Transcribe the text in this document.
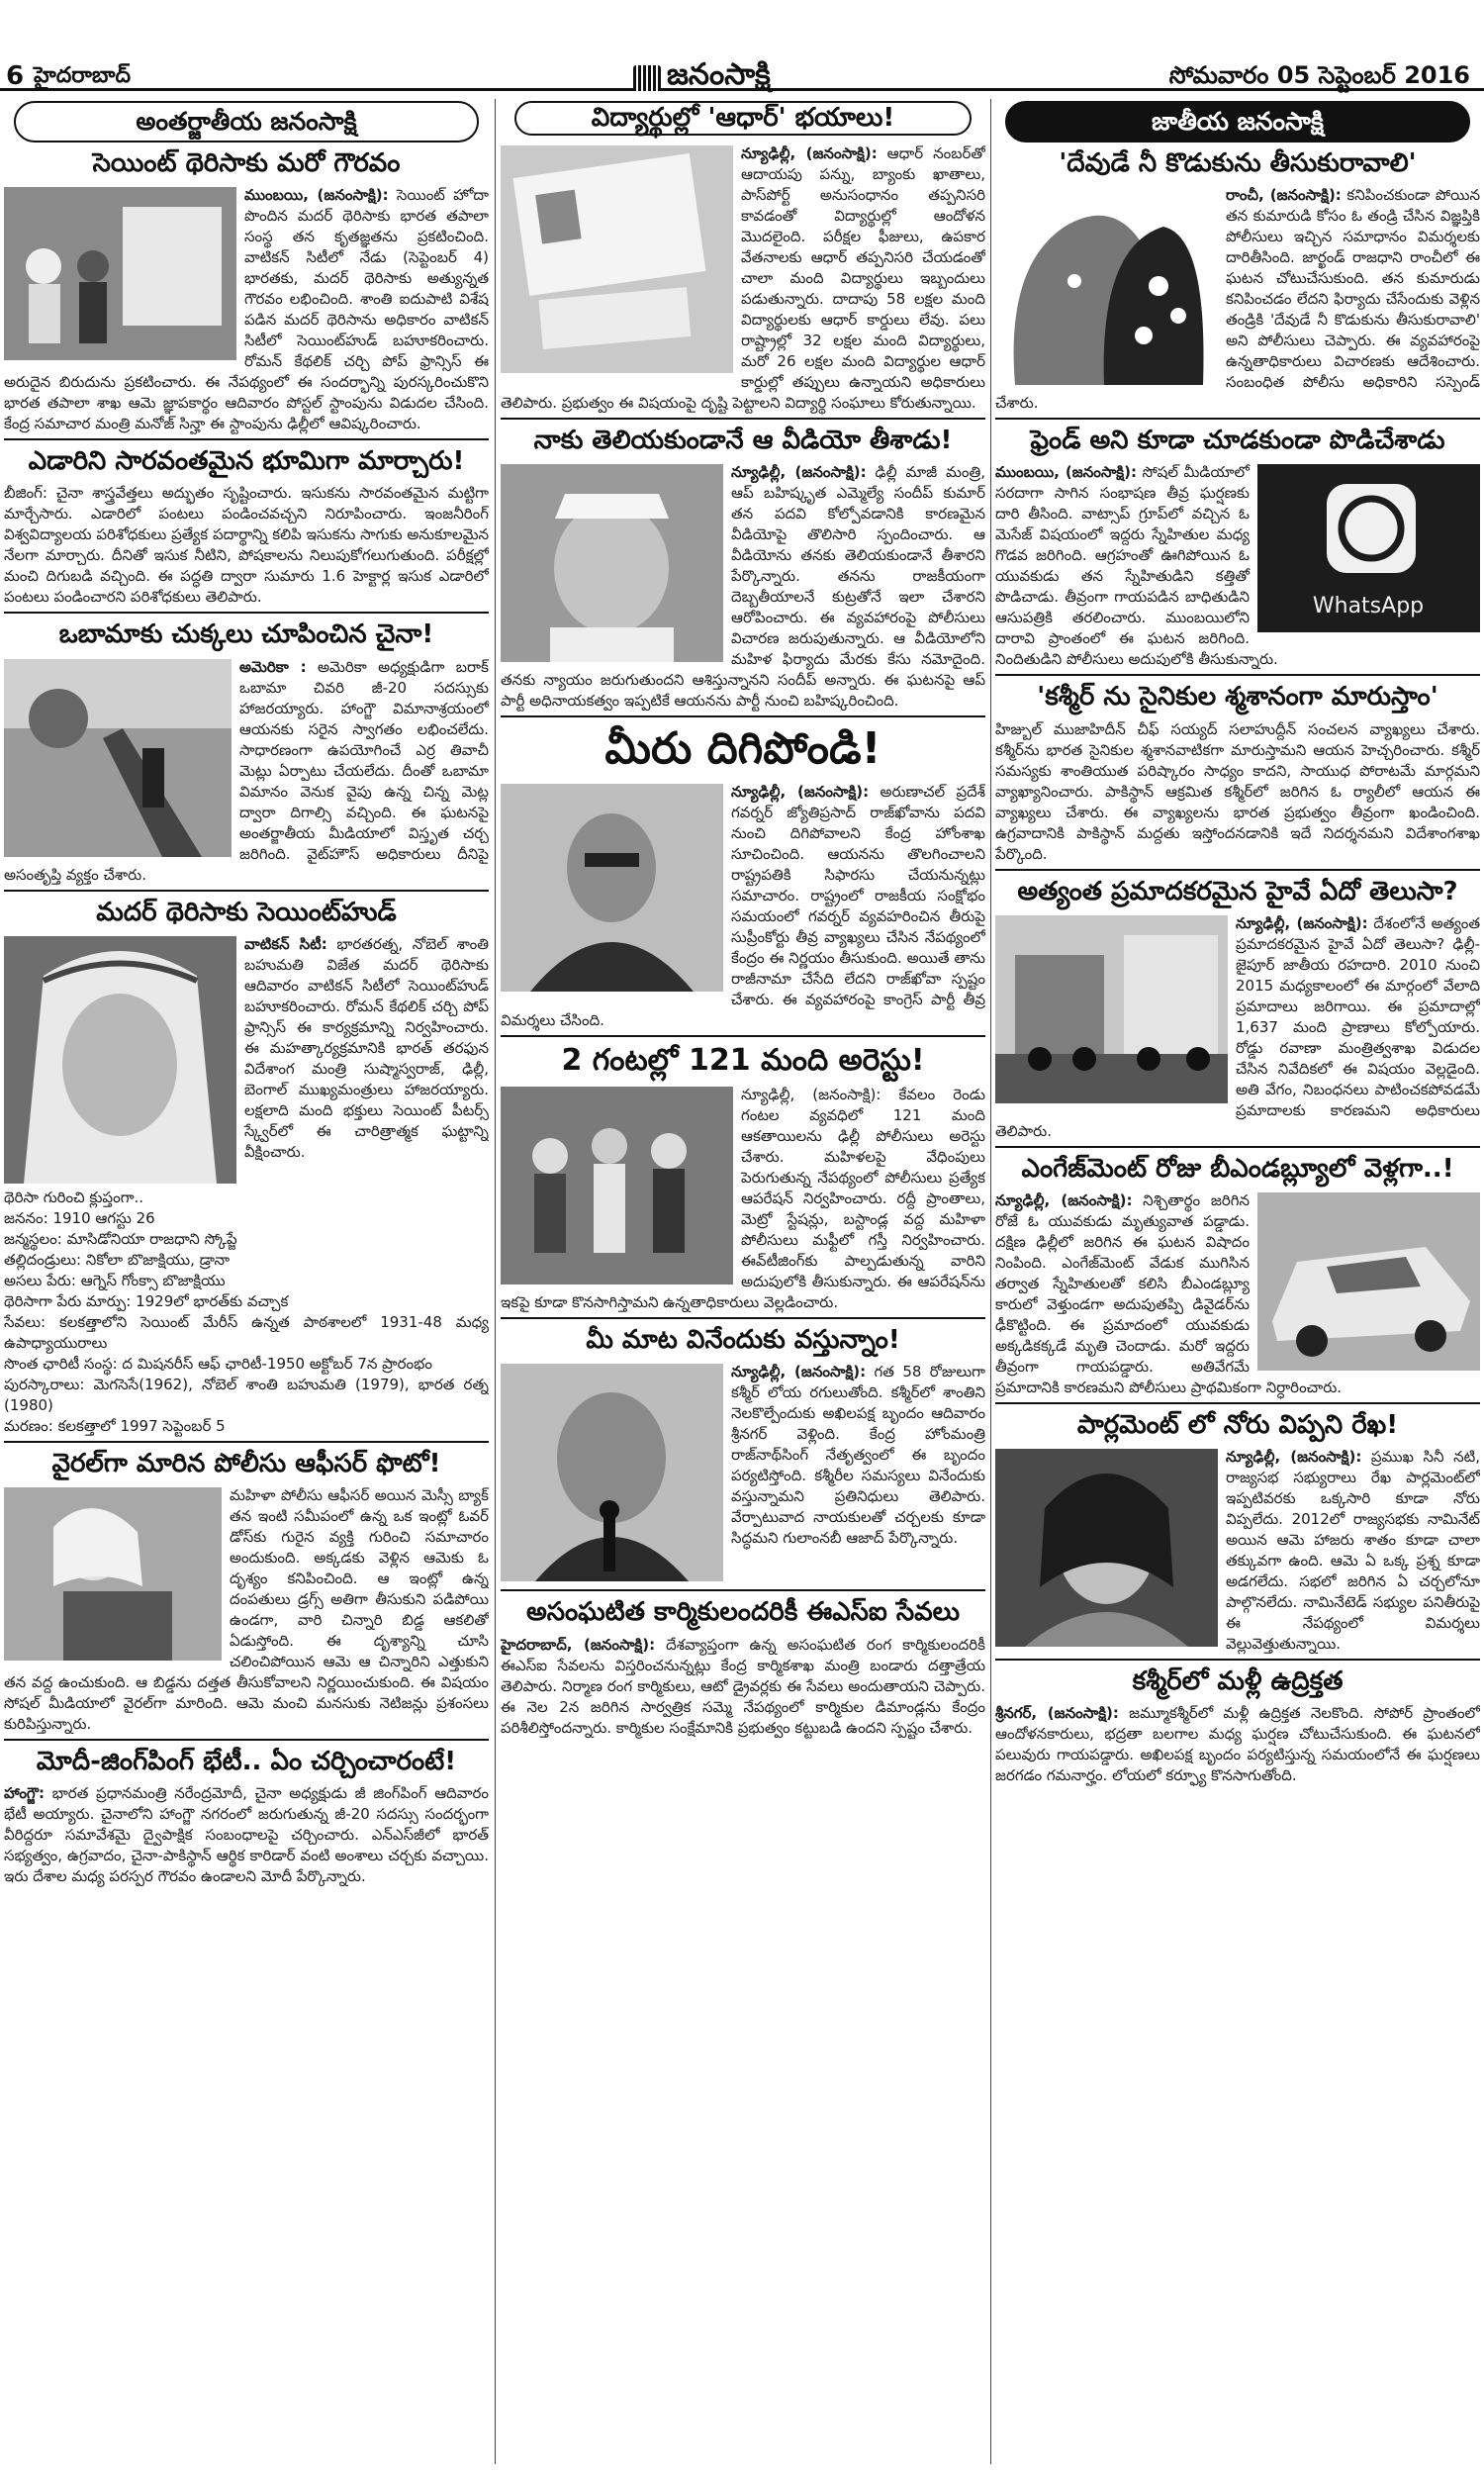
6 హైదరాబాద్	జనంసాక్షి	సోమవారం 05 సెప్టెంబర్ 2016
అంతర్జాతీయ జనంసాక్షి
సెయింట్ థెరిసాకు మరో గౌరవం
ముంబయి, (జనంసాక్షి): సెయింట్ హోదా పొందిన మదర్ థెరిసాకు భారత తపాలా సంస్థ తన కృతజ్ఞతను ప్రకటించింది. వాటికన్ సిటీలో నేడు (సెప్టెంబర్ 4) భారతకు, మదర్ థెరిసాకు అత్యున్నత గౌరవం లభించింది. శాంతి ఐదుపాటి విశేష పడిన మదర్ థెరిసాను అధికారం వాటికన్ సిటీలో సెయింట్‌హుడ్ బహూకరించారు. రోమన్ కేథలిక్ చర్చి పోప్ ఫ్రాన్సిస్ ఈ అరుదైన బిరుదును ప్రకటించారు. ఈ నేపథ్యంలో ఈ సందర్భాన్ని పురస్కరించుకొని భారత తపాలా శాఖ ఆమె జ్ఞాపకార్థం ఆదివారం పోస్టల్ స్టాంపును విడుదల చేసింది. కేంద్ర సమాచార మంత్రి మనోజ్ సిన్హా ఈ స్టాంపును ఢిల్లీలో ఆవిష్కరించారు.
ఎడారిని సారవంతమైన భూమిగా మార్చారు!
బీజింగ్: చైనా శాస్త్రవేత్తలు అద్భుతం సృష్టించారు. ఇసుకను సారవంతమైన మట్టిగా మార్చేసారు. ఎడారిలో పంటలు పండించవచ్చని నిరూపించారు. ఇంజనీరింగ్ విశ్వవిద్యాలయ పరిశోధకులు ప్రత్యేక పదార్థాన్ని కలిపి ఇసుకను సాగుకు అనుకూలమైన నేలగా మార్చారు. దీనితో ఇసుక నీటిని, పోషకాలను నిలుపుకోగలుగుతుంది. పరీక్షల్లో మంచి దిగుబడి వచ్చింది. ఈ పద్ధతి ద్వారా సుమారు 1.6 హెక్టార్ల ఇసుక ఎడారిలో పంటలు పండించారని పరిశోధకులు తెలిపారు.
ఒబామాకు చుక్కలు చూపించిన చైనా!
అమెరికా : అమెరికా అధ్యక్షుడిగా బరాక్ ఒబామా చివరి జీ-20 సదస్సుకు హాజరయ్యారు. హాంగ్జౌ విమానాశ్రయంలో ఆయనకు సరైన స్వాగతం లభించలేదు. సాధారణంగా ఉపయోగించే ఎర్ర తివాచీ మెట్లు ఏర్పాటు చేయలేదు. దీంతో ఒబామా విమానం వెనుక వైపు ఉన్న చిన్న మెట్ల ద్వారా దిగాల్సి వచ్చింది. ఈ ఘటనపై అంతర్జాతీయ మీడియాలో విస్తృత చర్చ జరిగింది. వైట్‌హౌస్ అధికారులు దీనిపై అసంతృప్తి వ్యక్తం చేశారు.
మదర్ థెరిసాకు సెయింట్‌హుడ్
వాటికన్ సిటీ: భారతరత్న, నోబెల్ శాంతి బహుమతి విజేత మదర్ థెరిసాకు ఆదివారం వాటికన్ సిటీలో సెయింట్‌హుడ్ బహూకరించారు. రోమన్ కేథలిక్ చర్చి పోప్ ఫ్రాన్సిస్ ఈ కార్యక్రమాన్ని నిర్వహించారు. ఈ మహత్కార్యక్రమానికి భారత్ తరఫున విదేశాంగ మంత్రి సుష్మాస్వరాజ్, ఢిల్లీ, బెంగాల్ ముఖ్యమంత్రులు హాజరయ్యారు. లక్షలాది మంది భక్తులు సెయింట్ పీటర్స్ స్క్వేర్‌లో ఈ చారిత్రాత్మక ఘట్టాన్ని వీక్షించారు.
థెరిసా గురించి క్లుప్తంగా..
జననం: 1910 ఆగస్టు 26
జన్మస్థలం: మాసిడోనియా రాజధాని స్కోప్జే
తల్లిదండ్రులు: నికోలా బొజాక్షియు, డ్రానా
అసలు పేరు: ఆగ్నెస్ గోంక్సా బొజాక్షియు
థెరిసాగా పేరు మార్పు: 1929లో భారత్‌కు వచ్చాక
సేవలు: కలకత్తాలోని సెయింట్ మేరీస్ ఉన్నత పాఠశాలలో 1931-48 మధ్య ఉపాధ్యాయురాలు
సొంత ఛారిటీ సంస్థ: ద మిషనరీస్ ఆఫ్ ఛారిటీ-1950 అక్టోబర్ 7న ప్రారంభం
పురస్కారాలు: మెగసెసే(1962), నోబెల్ శాంతి బహుమతి (1979), భారత రత్న (1980)
మరణం: కలకత్తాలో 1997 సెప్టెంబర్ 5
వైరల్‌గా మారిన పోలీసు ఆఫీసర్ ఫొటో!
మహిళా పోలీసు ఆఫీసర్ అయిన మెస్సీ బ్యాక్ తన ఇంటి సమీపంలో ఉన్న ఒక ఇంట్లో ఓవర్ డోస్‌కు గురైన వ్యక్తి గురించి సమాచారం అందుకుంది. అక్కడకు వెళ్లిన ఆమెకు ఓ దృశ్యం కనిపించింది. ఆ ఇంట్లో ఉన్న దంపతులు డ్రగ్స్ అతిగా తీసుకుని పడిపోయి ఉండగా, వారి చిన్నారి బిడ్డ ఆకలితో ఏడుస్తోంది. ఈ దృశ్యాన్ని చూసి చలించిపోయిన ఆమె ఆ చిన్నారిని ఎత్తుకుని తన వద్ద ఉంచుకుంది. ఆ బిడ్డను దత్తత తీసుకోవాలని నిర్ణయించుకుంది. ఈ విషయం సోషల్ మీడియాలో వైరల్‌గా మారింది. ఆమె మంచి మనసుకు నెటిజన్లు ప్రశంసలు కురిపిస్తున్నారు.
మోదీ-జింగ్‌పింగ్ భేటీ.. ఏం చర్చించారంటే!
హాంగ్జౌ: భారత ప్రధానమంత్రి నరేంద్రమోదీ, చైనా అధ్యక్షుడు జీ జింగ్‌పింగ్ ఆదివారం భేటీ అయ్యారు. చైనాలోని హాంగ్జౌ నగరంలో జరుగుతున్న జీ-20 సదస్సు సందర్భంగా వీరిద్దరూ సమావేశమై ద్వైపాక్షిక సంబంధాలపై చర్చించారు. ఎన్‌ఎస్‌జీలో భారత్ సభ్యత్వం, ఉగ్రవాదం, చైనా-పాకిస్థాన్ ఆర్థిక కారిడార్ వంటి అంశాలు చర్చకు వచ్చాయి. ఇరు దేశాల మధ్య పరస్పర గౌరవం ఉండాలని మోదీ పేర్కొన్నారు.
విద్యార్థుల్లో 'ఆధార్' భయాలు!
న్యూఢిల్లీ, (జనంసాక్షి): ఆధార్ నంబర్‌తో ఆదాయపు పన్ను, బ్యాంకు ఖాతాలు, పాస్‌పోర్ట్ అనుసంధానం తప్పనిసరి కావడంతో విద్యార్థుల్లో ఆందోళన మొదలైంది. పరీక్షల ఫీజులు, ఉపకార వేతనాలకు ఆధార్ తప్పనిసరి చేయడంతో చాలా మంది విద్యార్థులు ఇబ్బందులు పడుతున్నారు. దాదాపు 58 లక్షల మంది విద్యార్థులకు ఆధార్ కార్డులు లేవు. పలు రాష్ట్రాల్లో 32 లక్షల మంది విద్యార్థులు, మరో 26 లక్షల మంది విద్యార్థుల ఆధార్ కార్డుల్లో తప్పులు ఉన్నాయని అధికారులు తెలిపారు. ప్రభుత్వం ఈ విషయంపై దృష్టి పెట్టాలని విద్యార్థి సంఘాలు కోరుతున్నాయి.
నాకు తెలియకుండానే ఆ వీడియో తీశాడు!
న్యూఢిల్లీ, (జనంసాక్షి): ఢిల్లీ మాజీ మంత్రి, ఆప్ బహిష్కృత ఎమ్మెల్యే సందీప్ కుమార్ తన పదవి కోల్పోవడానికి కారణమైన వీడియోపై తొలిసారి స్పందించారు. ఆ వీడియోను తనకు తెలియకుండానే తీశారని పేర్కొన్నారు. తనను రాజకీయంగా దెబ్బతీయాలనే కుట్రతోనే ఇలా చేశారని ఆరోపించారు. ఈ వ్యవహారంపై పోలీసులు విచారణ జరుపుతున్నారు. ఆ వీడియోలోని మహిళ ఫిర్యాదు మేరకు కేసు నమోదైంది. తనకు న్యాయం జరుగుతుందని ఆశిస్తున్నానని సందీప్ అన్నారు. ఈ ఘటనపై ఆప్ పార్టీ అధినాయకత్వం ఇప్పటికే ఆయనను పార్టీ నుంచి బహిష్కరించింది.
మీరు దిగిపోండి!
న్యూఢిల్లీ, (జనంసాక్షి): అరుణాచల్ ప్రదేశ్ గవర్నర్ జ్యోతిప్రసాద్ రాజ్‌ఖోవాను పదవి నుంచి దిగిపోవాలని కేంద్ర హోంశాఖ సూచించింది. ఆయనను తొలగించాలని రాష్ట్రపతికి సిఫారసు చేయనున్నట్లు సమాచారం. రాష్ట్రంలో రాజకీయ సంక్షోభం సమయంలో గవర్నర్ వ్యవహరించిన తీరుపై సుప్రీంకోర్టు తీవ్ర వ్యాఖ్యలు చేసిన నేపథ్యంలో కేంద్రం ఈ నిర్ణయం తీసుకుంది. అయితే తాను రాజీనామా చేసేది లేదని రాజ్‌ఖోవా స్పష్టం చేశారు. ఈ వ్యవహారంపై కాంగ్రెస్ పార్టీ తీవ్ర విమర్శలు చేసింది.
2 గంటల్లో 121 మంది అరెస్టు!
న్యూఢిల్లీ, (జనంసాక్షి): కేవలం రెండు గంటల వ్యవధిలో 121 మంది ఆకతాయిలను ఢిల్లీ పోలీసులు అరెస్టు చేశారు. మహిళలపై వేధింపులు పెరుగుతున్న నేపథ్యంలో పోలీసులు ప్రత్యేక ఆపరేషన్ నిర్వహించారు. రద్దీ ప్రాంతాలు, మెట్రో స్టేషన్లు, బస్టాండ్ల వద్ద మహిళా పోలీసులు మఫ్టీలో గస్తీ నిర్వహించారు. ఈవ్‌టీజింగ్‌కు పాల్పడుతున్న వారిని అదుపులోకి తీసుకున్నారు. ఈ ఆపరేషన్‌ను ఇకపై కూడా కొనసాగిస్తామని ఉన్నతాధికారులు వెల్లడించారు.
మీ మాట వినేందుకు వస్తున్నాం!
న్యూఢిల్లీ, (జనంసాక్షి): గత 58 రోజులుగా కశ్మీర్ లోయ రగులుతోంది. కశ్మీర్‌లో శాంతిని నెలకొల్పేందుకు అఖిలపక్ష బృందం ఆదివారం శ్రీనగర్ వెళ్లింది. కేంద్ర హోంమంత్రి రాజ్‌నాథ్‌సింగ్ నేతృత్వంలో ఈ బృందం పర్యటిస్తోంది. కశ్మీరీల సమస్యలు వినేందుకు వస్తున్నామని ప్రతినిధులు తెలిపారు. వేర్పాటువాద నాయకులతో చర్చలకు కూడా సిద్ధమని గులాంనబీ ఆజాద్ పేర్కొన్నారు.
అసంఘటిత కార్మికులందరికీ ఈఎస్‌ఐ సేవలు
హైదరాబాద్, (జనంసాక్షి): దేశవ్యాప్తంగా ఉన్న అసంఘటిత రంగ కార్మికులందరికీ ఈఎస్‌ఐ సేవలను విస్తరించనున్నట్లు కేంద్ర కార్మికశాఖ మంత్రి బండారు దత్తాత్రేయ తెలిపారు. నిర్మాణ రంగ కార్మికులు, ఆటో డ్రైవర్లకు ఈ సేవలు అందుతాయని చెప్పారు. ఈ నెల 2న జరిగిన సార్వత్రిక సమ్మె నేపథ్యంలో కార్మికుల డిమాండ్లను కేంద్రం పరిశీలిస్తోందన్నారు. కార్మికుల సంక్షేమానికి ప్రభుత్వం కట్టుబడి ఉందని స్పష్టం చేశారు.
జాతీయ జనంసాక్షి
'దేవుడే నీ కొడుకును తీసుకురావాలి'
రాంచీ, (జనంసాక్షి): కనిపించకుండా పోయిన తన కుమారుడి కోసం ఓ తండ్రి చేసిన విజ్ఞప్తికి పోలీసులు ఇచ్చిన సమాధానం విమర్శలకు దారితీసింది. జార్ఖండ్ రాజధాని రాంచీలో ఈ ఘటన చోటుచేసుకుంది. తన కుమారుడు కనిపించడం లేదని ఫిర్యాదు చేసేందుకు వెళ్లిన తండ్రికి 'దేవుడే నీ కొడుకును తీసుకురావాలి' అని పోలీసులు చెప్పారు. ఈ వ్యవహారంపై ఉన్నతాధికారులు విచారణకు ఆదేశించారు. సంబంధిత పోలీసు అధికారిని సస్పెండ్ చేశారు.
ఫ్రెండ్ అని కూడా చూడకుండా పొడిచేశాడు
WhatsApp
ముంబయి, (జనంసాక్షి): సోషల్ మీడియాలో సరదాగా సాగిన సంభాషణ తీవ్ర ఘర్షణకు దారి తీసింది. వాట్సాప్ గ్రూప్‌లో వచ్చిన ఓ మెసేజ్ విషయంలో ఇద్దరు స్నేహితుల మధ్య గొడవ జరిగింది. ఆగ్రహంతో ఊగిపోయిన ఓ యువకుడు తన స్నేహితుడిని కత్తితో పొడిచాడు. తీవ్రంగా గాయపడిన బాధితుడిని ఆసుపత్రికి తరలించారు. ముంబయిలోని దారావి ప్రాంతంలో ఈ ఘటన జరిగింది. నిందితుడిని పోలీసులు అదుపులోకి తీసుకున్నారు.
'కశ్మీర్ ను సైనికుల శ్మశానంగా మారుస్తాం'
హిజ్బుల్ ముజాహిదీన్ చీఫ్ సయ్యద్ సలాహుద్దీన్ సంచలన వ్యాఖ్యలు చేశారు. కశ్మీర్‌ను భారత సైనికుల శ్మశానవాటికగా మారుస్తామని ఆయన హెచ్చరించారు. కశ్మీర్ సమస్యకు శాంతియుత పరిష్కారం సాధ్యం కాదని, సాయుధ పోరాటమే మార్గమని వ్యాఖ్యానించారు. పాకిస్థాన్ ఆక్రమిత కశ్మీర్‌లో జరిగిన ఓ ర్యాలీలో ఆయన ఈ వ్యాఖ్యలు చేశారు. ఈ వ్యాఖ్యలను భారత ప్రభుత్వం తీవ్రంగా ఖండించింది. ఉగ్రవాదానికి పాకిస్థాన్ మద్దతు ఇస్తోందనడానికి ఇదే నిదర్శనమని విదేశాంగశాఖ పేర్కొంది.
అత్యంత ప్రమాదకరమైన హైవే ఏదో తెలుసా?
న్యూఢిల్లీ, (జనంసాక్షి): దేశంలోనే అత్యంత ప్రమాదకరమైన హైవే ఏదో తెలుసా? ఢిల్లీ-జైపూర్ జాతీయ రహదారి. 2010 నుంచి 2015 మధ్యకాలంలో ఈ మార్గంలో వేలాది ప్రమాదాలు జరిగాయి. ఈ ప్రమాదాల్లో 1,637 మంది ప్రాణాలు కోల్పోయారు. రోడ్డు రవాణా మంత్రిత్వశాఖ విడుదల చేసిన నివేదికలో ఈ విషయం వెల్లడైంది. అతి వేగం, నిబంధనలు పాటించకపోవడమే ప్రమాదాలకు కారణమని అధికారులు తెలిపారు.
ఎంగేజ్‌మెంట్ రోజు బీఎండబ్ల్యూలో వెళ్లగా..!
న్యూఢిల్లీ, (జనంసాక్షి): నిశ్చితార్థం జరిగిన రోజే ఓ యువకుడు మృత్యువాత పడ్డాడు. దక్షిణ ఢిల్లీలో జరిగిన ఈ ఘటన విషాదం నింపింది. ఎంగేజ్‌మెంట్ వేడుక ముగిసిన తర్వాత స్నేహితులతో కలిసి బీఎండబ్ల్యూ కారులో వెళ్తుండగా అదుపుతప్పి డివైడర్‌ను ఢీకొట్టింది. ఈ ప్రమాదంలో యువకుడు అక్కడికక్కడే మృతి చెందాడు. మరో ఇద్దరు తీవ్రంగా గాయపడ్డారు. అతివేగమే ప్రమాదానికి కారణమని పోలీసులు ప్రాథమికంగా నిర్ధారించారు.
పార్లమెంట్ లో నోరు విప్పని రేఖ!
న్యూఢిల్లీ, (జనంసాక్షి): ప్రముఖ సినీ నటి, రాజ్యసభ సభ్యురాలు రేఖ పార్లమెంట్‌లో ఇప్పటివరకు ఒక్కసారి కూడా నోరు విప్పలేదు. 2012లో రాజ్యసభకు నామినేట్ అయిన ఆమె హాజరు శాతం కూడా చాలా తక్కువగా ఉంది. ఆమె ఏ ఒక్క ప్రశ్న కూడా అడగలేదు. సభలో జరిగిన ఏ చర్చలోనూ పాల్గొనలేదు. నామినేటెడ్ సభ్యుల పనితీరుపై ఈ నేపథ్యంలో విమర్శలు వెల్లువెత్తుతున్నాయి.
కశ్మీర్‌లో మళ్లీ ఉద్రిక్తత
శ్రీనగర్, (జనంసాక్షి): జమ్మూకశ్మీర్‌లో మళ్లీ ఉద్రిక్తత నెలకొంది. సోపోర్ ప్రాంతంలో ఆందోళనకారులు, భద్రతా బలగాల మధ్య ఘర్షణ చోటుచేసుకుంది. ఈ ఘటనలో పలువురు గాయపడ్డారు. అఖిలపక్ష బృందం పర్యటిస్తున్న సమయంలోనే ఈ ఘర్షణలు జరగడం గమనార్హం. లోయలో కర్ఫ్యూ కొనసాగుతోంది.
